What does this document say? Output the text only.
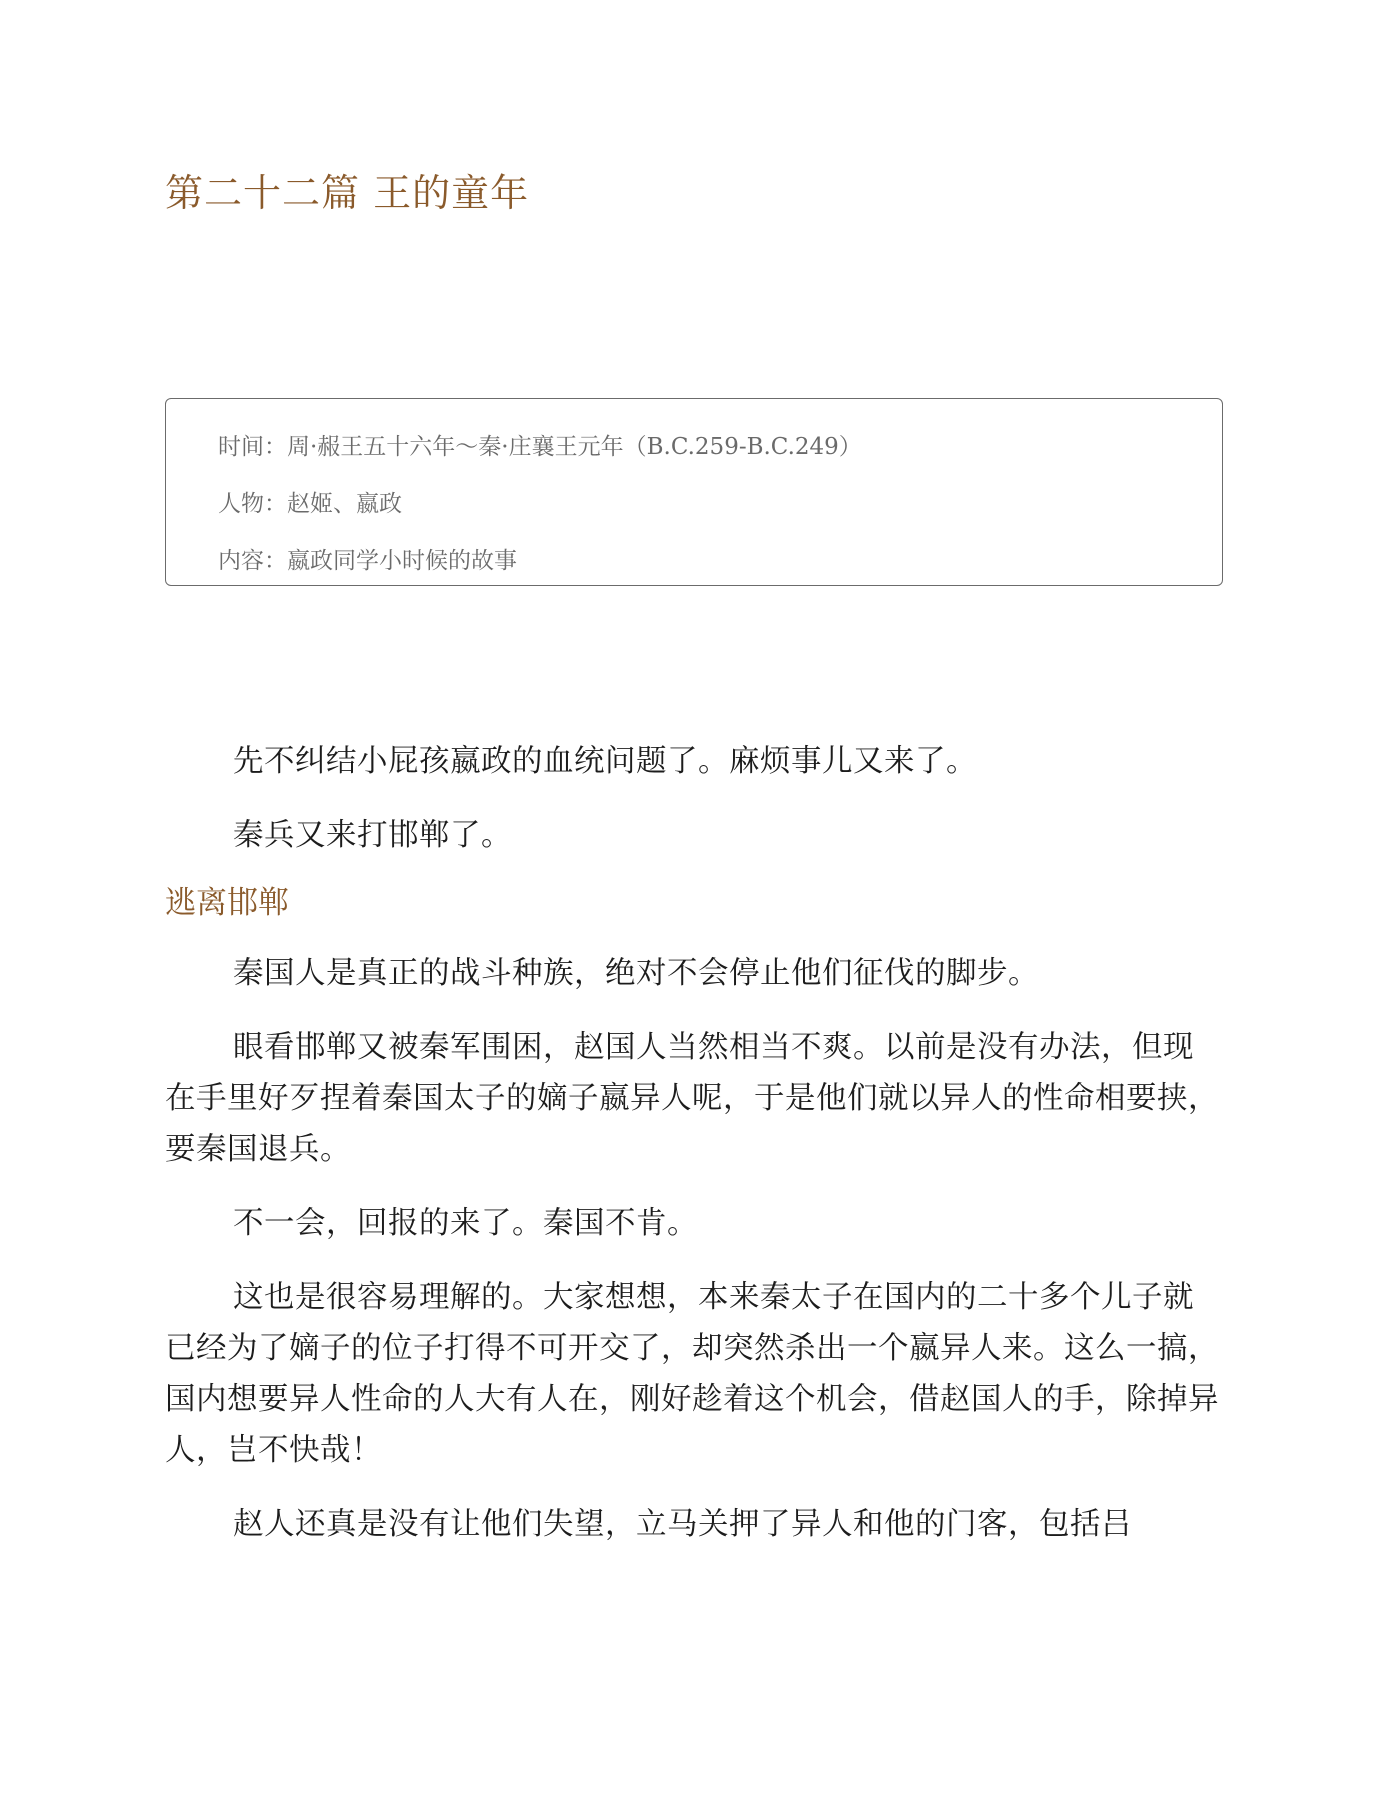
第二十二篇 王的童年
时间：周·赧王五十六年～秦·庄襄王元年（B.C.259-B.C.249）
人物：赵姬、嬴政
内容：嬴政同学小时候的故事

先不纠结小屁孩嬴政的血统问题了。麻烦事儿又来了。

秦兵又来打邯郸了。

逃离邯郸

秦国人是真正的战斗种族，绝对不会停止他们征伐的脚步。

眼看邯郸又被秦军围困，赵国人当然相当不爽。以前是没有办法，但现在手里好歹捏着秦国太子的嫡子嬴异人呢，于是他们就以异人的性命相要挟，要秦国退兵。

不一会，回报的来了。秦国不肯。

这也是很容易理解的。大家想想，本来秦太子在国内的二十多个儿子就已经为了嫡子的位子打得不可开交了，却突然杀出一个嬴异人来。这么一搞，国内想要异人性命的人大有人在，刚好趁着这个机会，借赵国人的手，除掉异人，岂不快哉！

赵人还真是没有让他们失望，立马关押了异人和他的门客，包括吕
